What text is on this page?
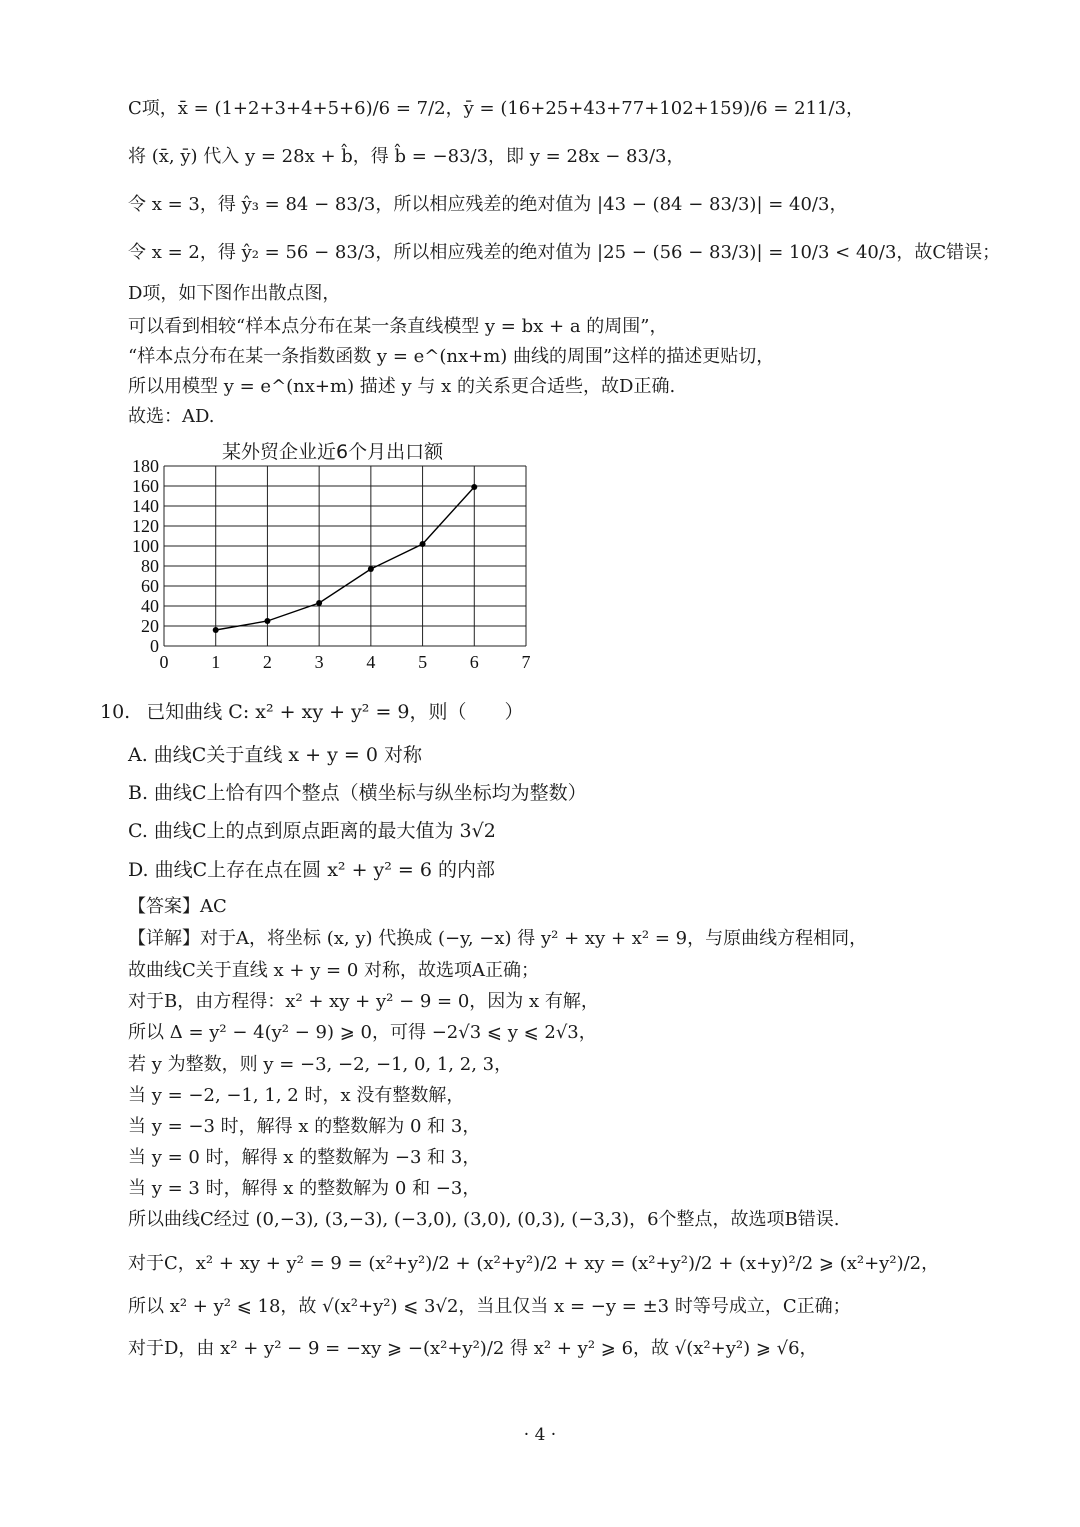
C项，x̄ = (1+2+3+4+5+6)/6 = 7/2，ȳ = (16+25+43+77+102+159)/6 = 211/3，
将 (x̄, ȳ) 代入 y = 28x + b̂，得 b̂ = −83/3，即 y = 28x − 83/3，
令 x = 3，得 ŷ₃ = 84 − 83/3，所以相应残差的绝对值为 |43 − (84 − 83/3)| = 40/3，
令 x = 2，得 ŷ₂ = 56 − 83/3，所以相应残差的绝对值为 |25 − (56 − 83/3)| = 10/3 < 40/3，故C错误；
D项，如下图作出散点图，
可以看到相较“样本点分布在某一条直线模型 y = bx + a 的周围”，
“样本点分布在某一条指数函数 y = e^(nx+m) 曲线的周围”这样的描述更贴切，
所以用模型 y = e^(nx+m) 描述 y 与 x 的关系更合适些，故D正确.
故选：AD.
某外贸企业近6个月出口额
0
20
40
60
80
100
120
140
160
180
0 1 2 3 4 5 6 7
10. 已知曲线 C: x² + xy + y² = 9，则（　　）
A. 曲线C关于直线 x + y = 0 对称
B. 曲线C上恰有四个整点（横坐标与纵坐标均为整数）
C. 曲线C上的点到原点距离的最大值为 3√2
D. 曲线C上存在点在圆 x² + y² = 6 的内部
【答案】AC
【详解】对于A，将坐标 (x, y) 代换成 (−y, −x) 得 y² + xy + x² = 9，与原曲线方程相同，
故曲线C关于直线 x + y = 0 对称，故选项A正确；
对于B，由方程得：x² + xy + y² − 9 = 0，因为 x 有解，
所以 Δ = y² − 4(y² − 9) ⩾ 0，可得 −2√3 ⩽ y ⩽ 2√3，
若 y 为整数，则 y = −3, −2, −1, 0, 1, 2, 3，
当 y = −2, −1, 1, 2 时，x 没有整数解，
当 y = −3 时，解得 x 的整数解为 0 和 3，
当 y = 0 时，解得 x 的整数解为 −3 和 3，
当 y = 3 时，解得 x 的整数解为 0 和 −3，
所以曲线C经过 (0,−3), (3,−3), (−3,0), (3,0), (0,3), (−3,3)，6个整点，故选项B错误.
对于C，x² + xy + y² = 9 = (x²+y²)/2 + (x²+y²)/2 + xy = (x²+y²)/2 + (x+y)²/2 ⩾ (x²+y²)/2，
所以 x² + y² ⩽ 18，故 √(x²+y²) ⩽ 3√2，当且仅当 x = −y = ±3 时等号成立，C正确；
对于D，由 x² + y² − 9 = −xy ⩾ −(x²+y²)/2 得 x² + y² ⩾ 6，故 √(x²+y²) ⩾ √6，
· 4 ·
